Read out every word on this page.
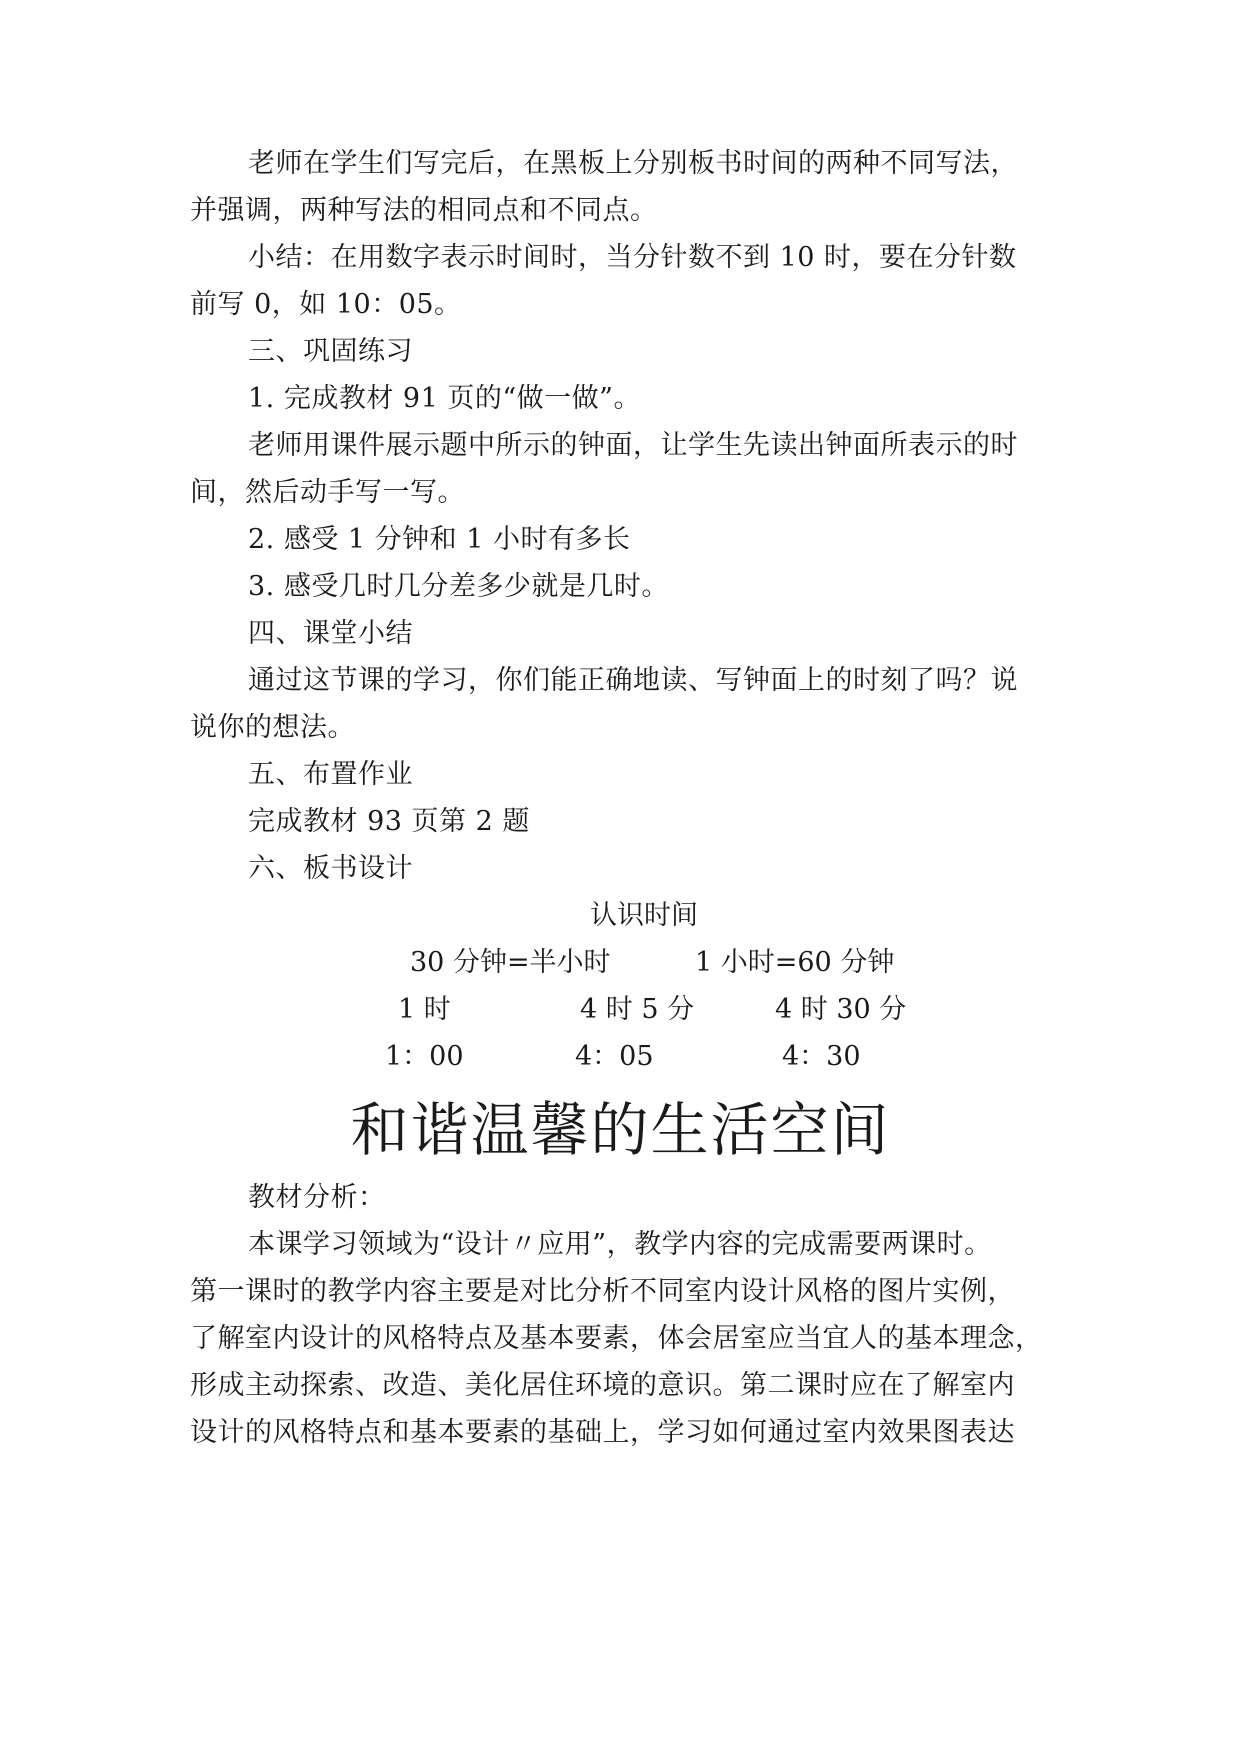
老师在学生们写完后，在黑板上分别板书时间的两种不同写法，
并强调，两种写法的相同点和不同点。
小结：在用数字表示时间时，当分针数不到 10 时，要在分针数
前写 0，如 10：05。
三、巩固练习
1. 完成教材 91 页的“做一做”。
老师用课件展示题中所示的钟面，让学生先读出钟面所表示的时
间，然后动手写一写。
2. 感受 1 分钟和 1 小时有多长
3. 感受几时几分差多少就是几时。
四、课堂小结
通过这节课的学习，你们能正确地读、写钟面上的时刻了吗？说
说你的想法。
五、布置作业
完成教材 93 页第 2 题
六、板书设计
认识时间
30 分钟=半小时	1 小时=60 分钟
1 时	4 时 5 分	4 时 30 分
1：00	4：05	4：30
和谐温馨的生活空间
教材分析：
本课学习领域为“设计〃应用”，教学内容的完成需要两课时。
第一课时的教学内容主要是对比分析不同室内设计风格的图片实例，
了解室内设计的风格特点及基本要素，体会居室应当宜人的基本理念，
形成主动探索、改造、美化居住环境的意识。第二课时应在了解室内
设计的风格特点和基本要素的基础上，学习如何通过室内效果图表达
